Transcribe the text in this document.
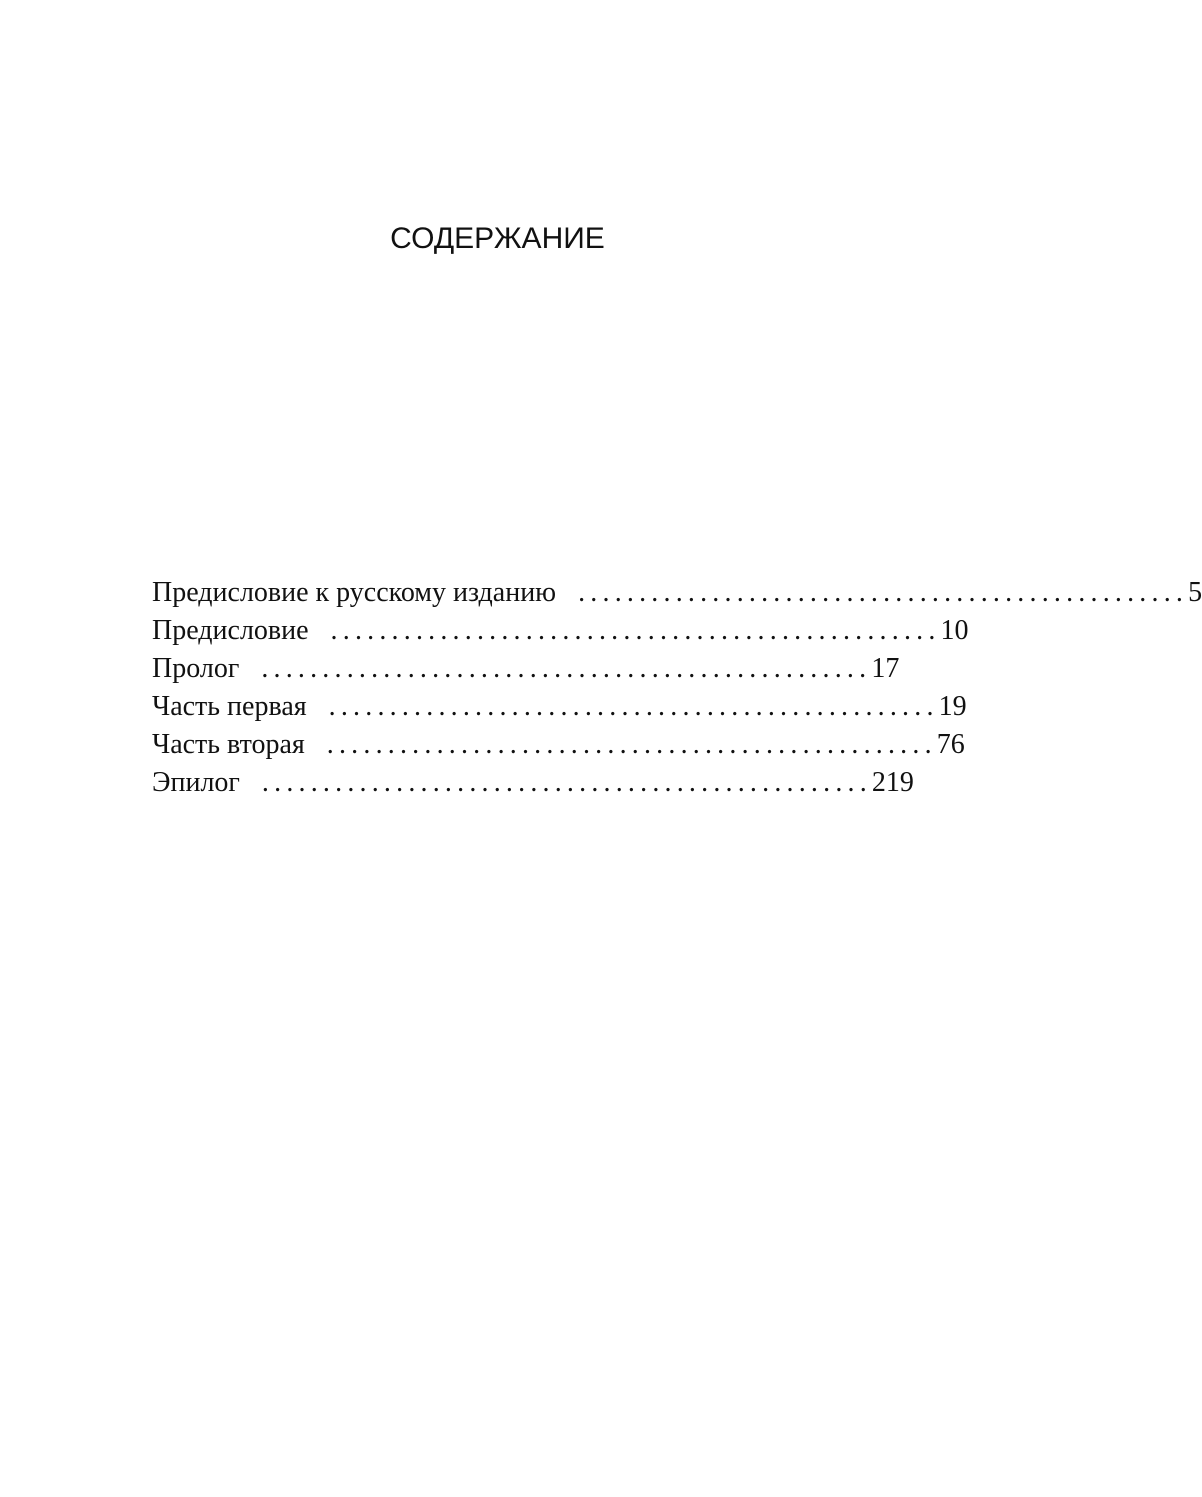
СОДЕРЖАНИЕ
Предисловие к русскому изданию .................................................. 5
Предисловие .................................................. 10
Пролог .................................................. 17
Часть первая .................................................. 19
Часть вторая .................................................. 76
Эпилог .................................................. 219
